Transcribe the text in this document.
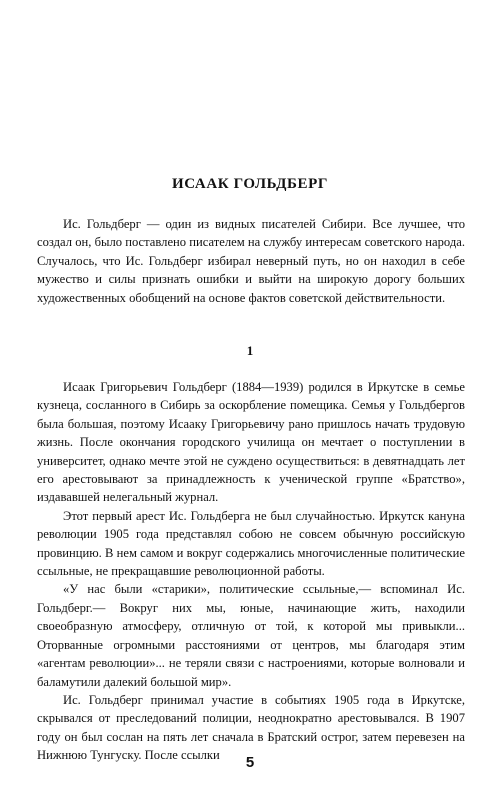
ИСААК ГОЛЬДБЕРГ

Ис. Гольдберг — один из видных писателей Сибири. Все лучшее, что создал он, было поставлено писателем на службу интересам советского народа. Случалось, что Ис. Гольдберг избирал неверный путь, но он находил в себе мужество и силы признать ошибки и выйти на широкую дорогу больших художественных обобщений на основе фактов советской действительности.

1

Исаак Григорьевич Гольдберг (1884—1939) родился в Иркутске в семье кузнеца, сосланного в Сибирь за оскорбление помещика. Семья у Гольдбергов была большая, поэтому Исааку Григорьевичу рано пришлось начать трудовую жизнь. После окончания городского училища он мечтает о поступлении в университет, однако мечте этой не суждено осуществиться: в девятнадцать лет его арестовывают за принадлежность к ученической группе «Братство», издававшей нелегальный журнал.

Этот первый арест Ис. Гольдберга не был случайностью. Иркутск кануна революции 1905 года представлял собою не совсем обычную российскую провинцию. В нем самом и вокруг содержались многочисленные политические ссыльные, не прекращавшие революционной работы.

«У нас были «старики», политические ссыльные,— вспоминал Ис. Гольдберг.— Вокруг них мы, юные, начинающие жить, находили своеобразную атмосферу, отличную от той, к которой мы привыкли... Оторванные огромными расстояниями от центров, мы благодаря этим «агентам революции»... не теряли связи с настроениями, которые волновали и баламутили далекий большой мир».

Ис. Гольдберг принимал участие в событиях 1905 года в Иркутске, скрывался от преследований полиции, неоднократно арестовывался. В 1907 году он был сослан на пять лет сначала в Братский острог, затем перевезен на Нижнюю Тунгуску. После ссылки	5
